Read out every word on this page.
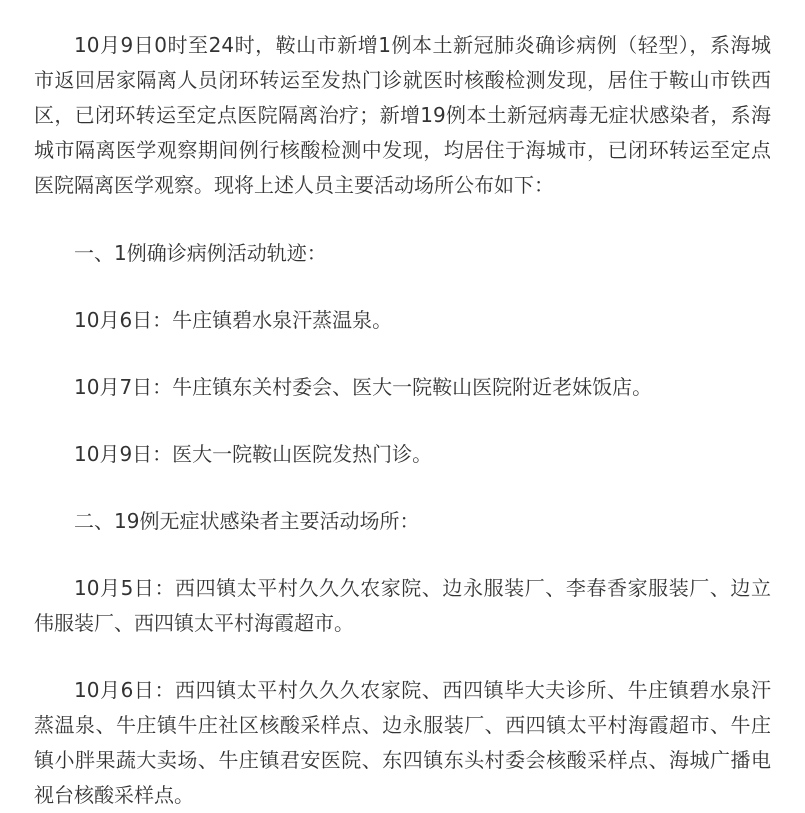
10月9日0时至24时，鞍山市新增1例本土新冠肺炎确诊病例（轻型），系海城市返回居家隔离人员闭环转运至发热门诊就医时核酸检测发现，居住于鞍山市铁西区，已闭环转运至定点医院隔离治疗；新增19例本土新冠病毒无症状感染者，系海城市隔离医学观察期间例行核酸检测中发现，均居住于海城市，已闭环转运至定点医院隔离医学观察。现将上述人员主要活动场所公布如下：

一、1例确诊病例活动轨迹：

10月6日：牛庄镇碧水泉汗蒸温泉。

10月7日：牛庄镇东关村委会、医大一院鞍山医院附近老妹饭店。

10月9日：医大一院鞍山医院发热门诊。

二、19例无症状感染者主要活动场所：

10月5日：西四镇太平村久久久农家院、边永服装厂、李春香家服装厂、边立伟服装厂、西四镇太平村海霞超市。

10月6日：西四镇太平村久久久农家院、西四镇毕大夫诊所、牛庄镇碧水泉汗蒸温泉、牛庄镇牛庄社区核酸采样点、边永服装厂、西四镇太平村海霞超市、牛庄镇小胖果蔬大卖场、牛庄镇君安医院、东四镇东头村委会核酸采样点、海城广播电视台核酸采样点。
